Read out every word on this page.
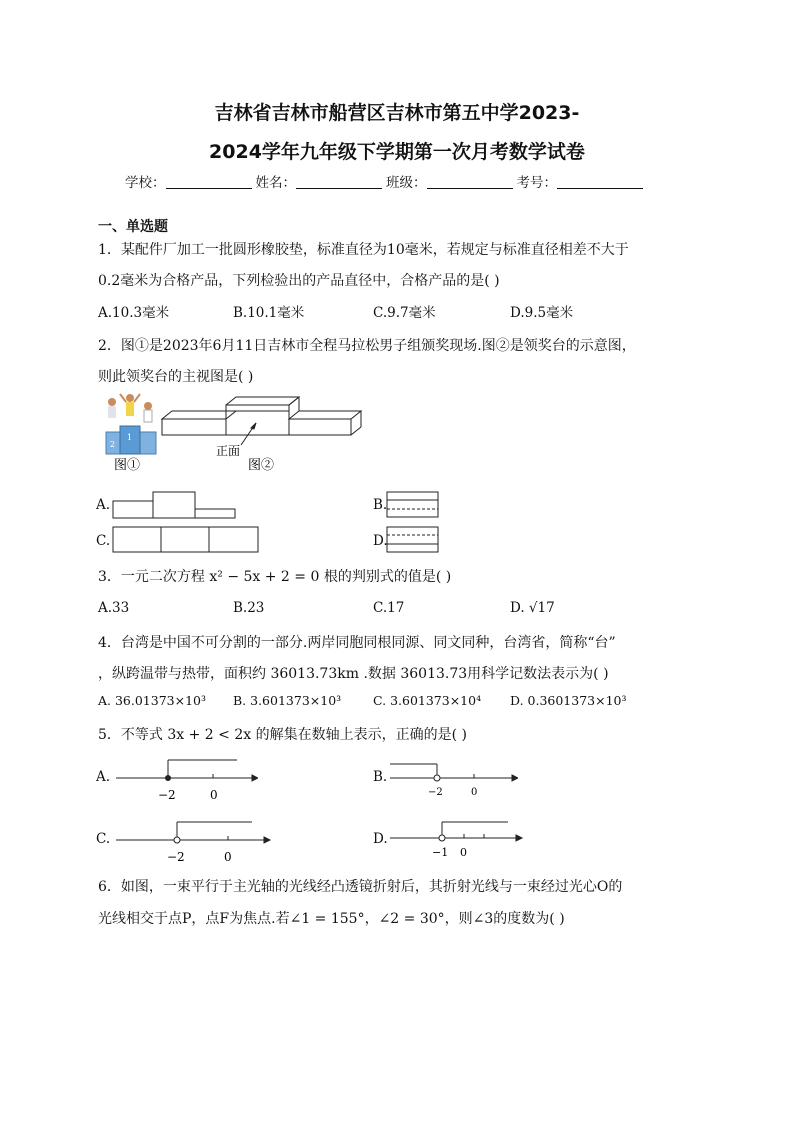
吉林省吉林市船营区吉林市第五中学2023-
2024学年九年级下学期第一次月考数学试卷
学校：	姓名：	班级：	考号：
一、单选题
1．某配件厂加工一批圆形橡胶垫，标准直径为10毫米，若规定与标准直径相差不大于
0.2毫米为合格产品，下列检验出的产品直径中，合格产品的是( )
A.10.3毫米	B.10.1毫米	C.9.7毫米	D.9.5毫米
2．图①是2023年6月11日吉林市全程马拉松男子组颁奖现场.图②是领奖台的示意图，
则此领奖台的主视图是( )
2
1
图①
正面
图②
A.	B.
C.	D.
3．一元二次方程 x² − 5x + 2 = 0 根的判别式的值是( )
A.33	B.23	C.17	D. √17
4．台湾是中国不可分割的一部分.两岸同胞同根同源、同文同种，台湾省，简称“台”
，纵跨温带与热带，面积约 36013.73km .数据 36013.73用科学记数法表示为( )
A. 36.01373×10³ B. 3.601373×10³	C. 3.601373×10⁴ D. 0.3601373×10³
5．不等式 3x + 2 < 2x 的解集在数轴上表示，正确的是( )
A.
−2	0
B.
−2	0
C.
−2	0
D.
−1 0
6．如图，一束平行于主光轴的光线经凸透镜折射后，其折射光线与一束经过光心O的
光线相交于点P，点F为焦点.若∠1 = 155°，∠2 = 30°，则∠3的度数为( )
